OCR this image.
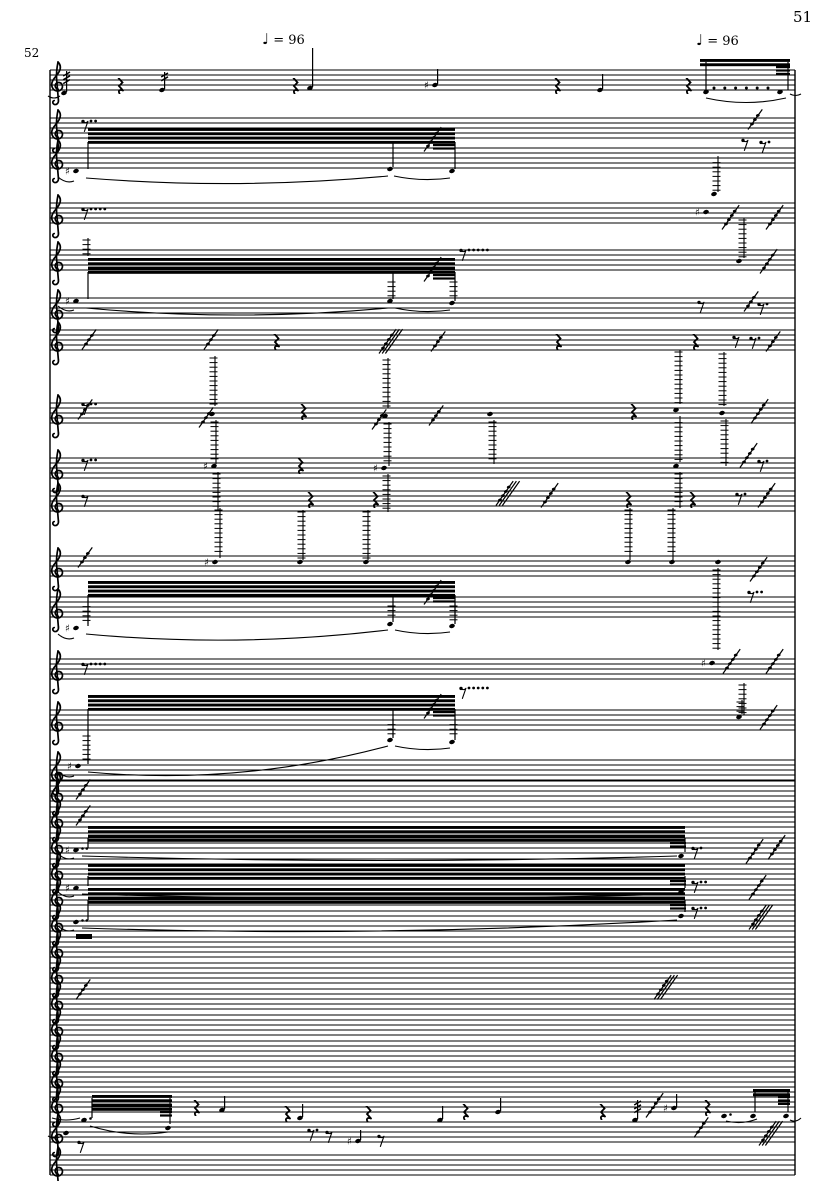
51
52
♩ = 96	♩ = 96
♯
♯
♯
♯
♯	♯
♯
♯
♯
♯
♯
♯
♯
♯
